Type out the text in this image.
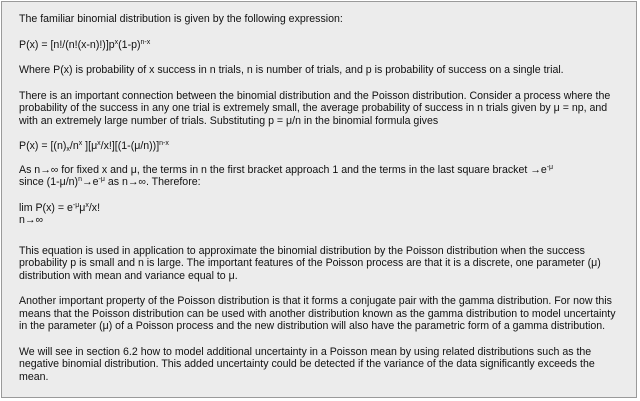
The familiar binomial distribution is given by the following expression:

$P(x) = [n!/(n!(x-n)!)]p^x(1-p)^{n-x}$

Where P(x) is probability of x success in n trials, n is number of trials, and p is probability of success on a single trial.

There is an important connection between the binomial distribution and the Poisson distribution. Consider a process where the probability of the success in any one trial is extremely small, the average probability of success in n trials given by μ = np, and with an extremely large number of trials. Substituting p = μ/n in the binomial formula gives

$P(x) = [(n)_x/n^x$ ]$[\mu^x/x!][(1-(\mu/n))]^{n-x}$

As n→∞ for fixed x and μ, the terms in n the first bracket approach 1 and the terms in the last square bracket $\to e^{-\mu}$
since $(1-\mu/n)^n\to e^{-\mu}$ as n→∞. Therefore:

$\lim P(x) = e^{-\mu}\mu^x/x$!
n→∞

This equation is used in application to approximate the binomial distribution by the Poisson distribution when the success probability p is small and n is large. The important features of the Poisson process are that it is a discrete, one parameter (μ) distribution with mean and variance equal to μ.

Another important property of the Poisson distribution is that it forms a conjugate pair with the gamma distribution. For now this means that the Poisson distribution can be used with another distribution known as the gamma distribution to model uncertainty in the parameter (μ) of a Poisson process and the new distribution will also have the parametric form of a gamma distribution.

We will see in section 6.2 how to model additional uncertainty in a Poisson mean by using related distributions such as the negative binomial distribution. This added uncertainty could be detected if the variance of the data significantly exceeds the mean.
